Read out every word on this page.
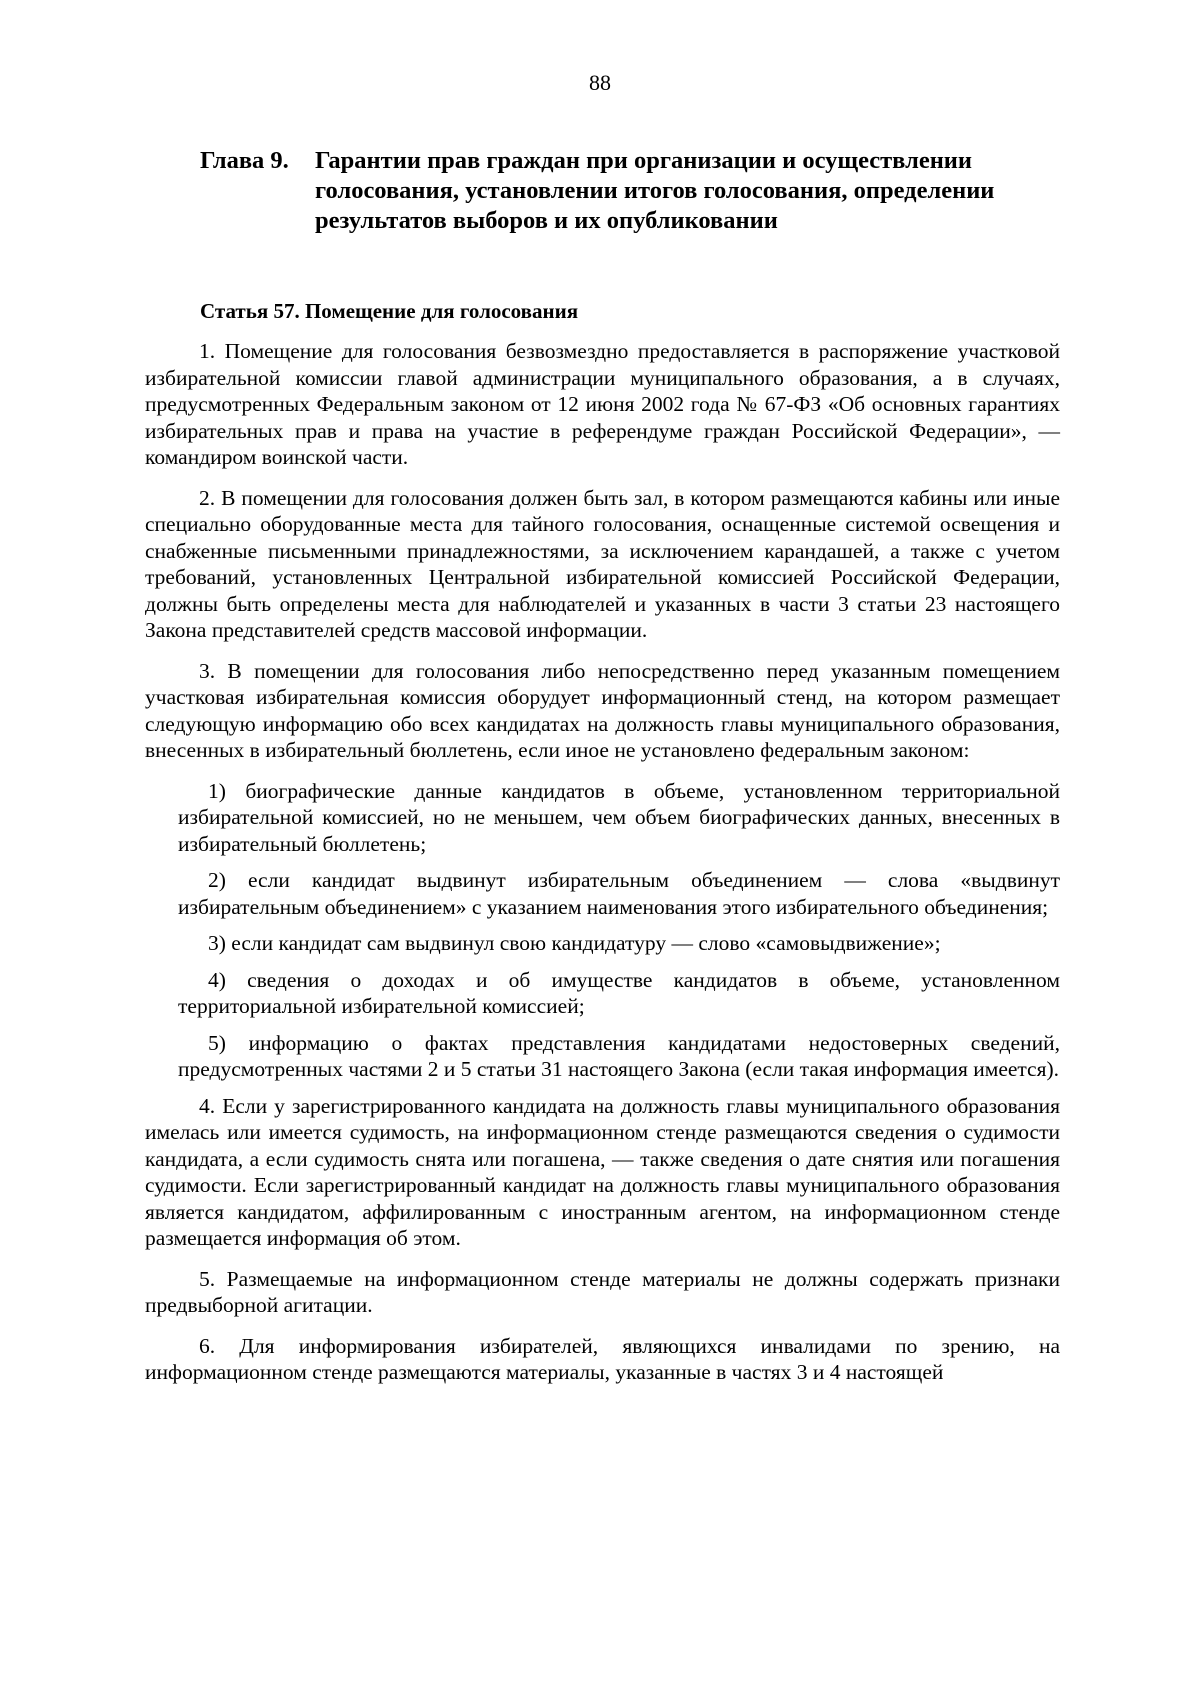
88
Глава 9. Гарантии прав граждан при организации и осуществлении голосования, установлении итогов голосования, определении результатов выборов и их опубликовании
Статья 57. Помещение для голосования

1. Помещение для голосования безвозмездно предоставляется в распоряжение участковой избирательной комиссии главой администрации муниципального образования, а в случаях, предусмотренных Федеральным законом от 12 июня 2002 года № 67-ФЗ «Об основных гарантиях избирательных прав и права на участие в референдуме граждан Российской Федерации», — командиром воинской части.

2. В помещении для голосования должен быть зал, в котором размещаются кабины или иные специально оборудованные места для тайного голосования, оснащенные системой освещения и снабженные письменными принадлежностями, за исключением карандашей, а также с учетом требований, установленных Центральной избирательной комиссией Российской Федерации, должны быть определены места для наблюдателей и указанных в части 3 статьи 23 настоящего Закона представителей средств массовой информации.

3. В помещении для голосования либо непосредственно перед указанным помещением участковая избирательная комиссия оборудует информационный стенд, на котором размещает следующую информацию обо всех кандидатах на должность главы муниципального образования, внесенных в избирательный бюллетень, если иное не установлено федеральным законом:

1) биографические данные кандидатов в объеме, установленном территориальной избирательной комиссией, но не меньшем, чем объем биографических данных, внесенных в избирательный бюллетень;

2) если кандидат выдвинут избирательным объединением — слова «выдвинут избирательным объединением» с указанием наименования этого избирательного объединения;

3) если кандидат сам выдвинул свою кандидатуру — слово «самовыдвижение»;

4) сведения о доходах и об имуществе кандидатов в объеме, установленном территориальной избирательной комиссией;

5) информацию о фактах представления кандидатами недостоверных сведений, предусмотренных частями 2 и 5 статьи 31 настоящего Закона (если такая информация имеется).

4. Если у зарегистрированного кандидата на должность главы муниципального образования имелась или имеется судимость, на информационном стенде размещаются сведения о судимости кандидата, а если судимость снята или погашена, — также сведения о дате снятия или погашения судимости. Если зарегистрированный кандидат на должность главы муниципального образования является кандидатом, аффилированным с иностранным агентом, на информационном стенде размещается информация об этом.

5. Размещаемые на информационном стенде материалы не должны содержать признаки предвыборной агитации.

6. Для информирования избирателей, являющихся инвалидами по зрению, на информационном стенде размещаются материалы, указанные в частях 3 и 4 настоящей
